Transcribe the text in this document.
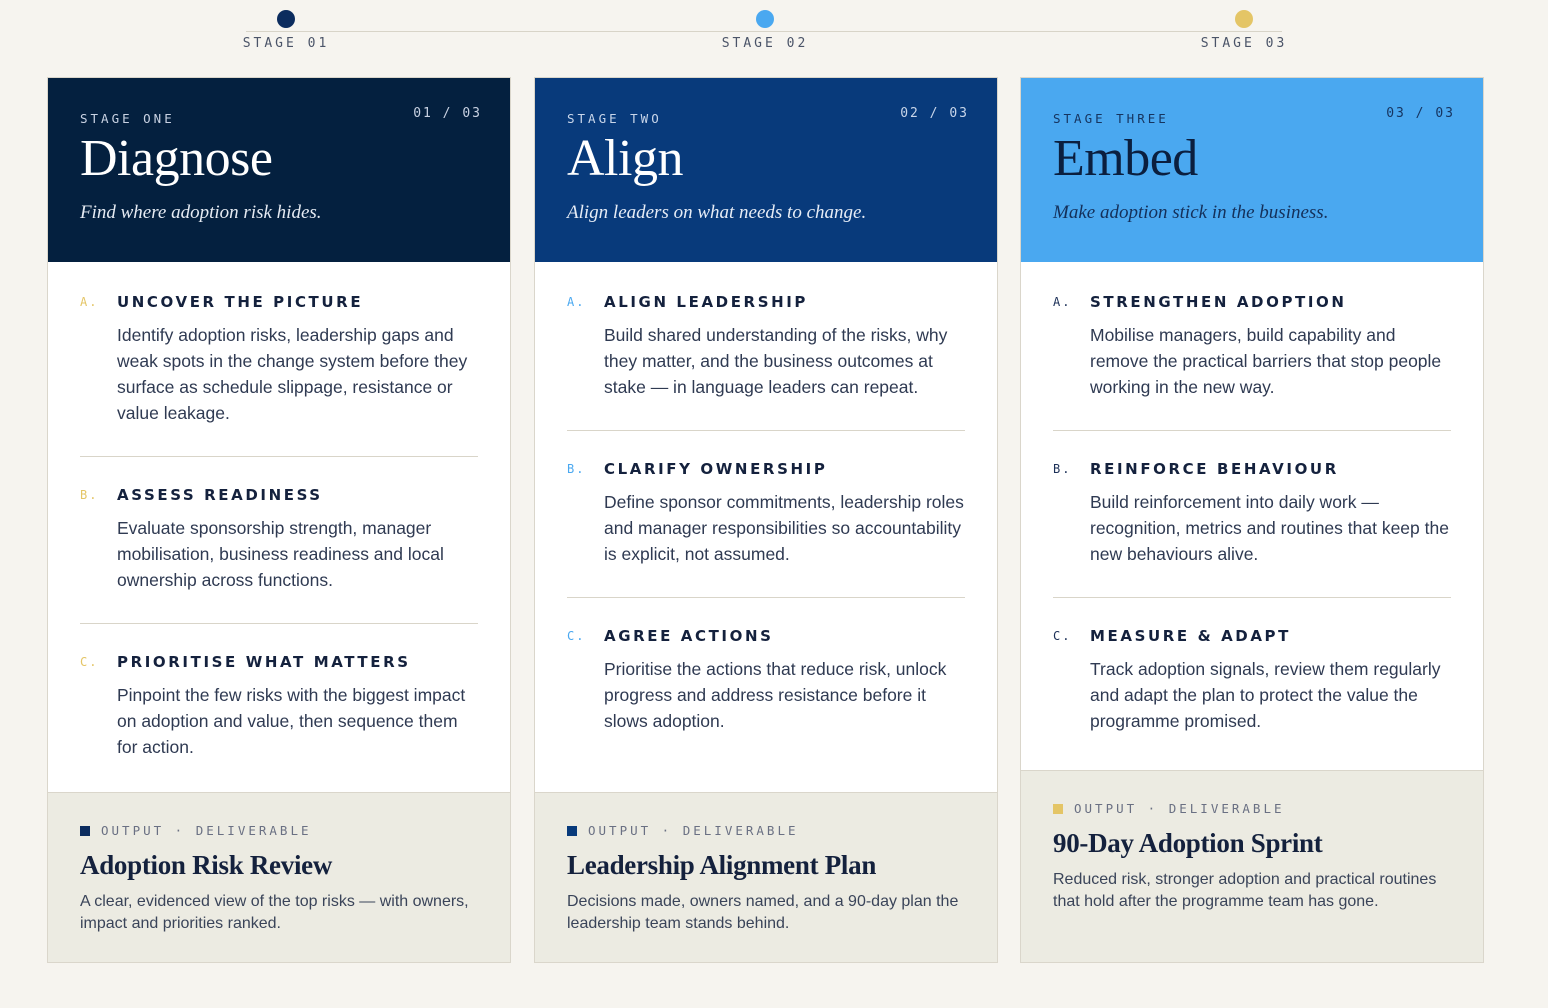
STAGE 01	STAGE 02	STAGE 03
STAGE ONE	01 / 03
Diagnose
Find where adoption risk hides.
A.	UNCOVER THE PICTURE
Identify adoption risks, leadership gaps and weak spots in the change system before they surface as schedule slippage, resistance or value leakage.
B.	ASSESS READINESS
Evaluate sponsorship strength, manager mobilisation, business readiness and local ownership across functions.
C.	PRIORITISE WHAT MATTERS
Pinpoint the few risks with the biggest impact on adoption and value, then sequence them for action.
OUTPUT · DELIVERABLE
Adoption Risk Review
A clear, evidenced view of the top risks — with owners, impact and priorities ranked.
STAGE TWO	02 / 03
Align
Align leaders on what needs to change.
A.	ALIGN LEADERSHIP
Build shared understanding of the risks, why they matter, and the business outcomes at stake — in language leaders can repeat.
B.	CLARIFY OWNERSHIP
Define sponsor commitments, leadership roles and manager responsibilities so accountability is explicit, not assumed.
C.	AGREE ACTIONS
Prioritise the actions that reduce risk, unlock progress and address resistance before it slows adoption.
OUTPUT · DELIVERABLE
Leadership Alignment Plan
Decisions made, owners named, and a 90-day plan the leadership team stands behind.
STAGE THREE	03 / 03
Embed
Make adoption stick in the business.
A.	STRENGTHEN ADOPTION
Mobilise managers, build capability and remove the practical barriers that stop people working in the new way.
B.	REINFORCE BEHAVIOUR
Build reinforcement into daily work — recognition, metrics and routines that keep the new behaviours alive.
C.	MEASURE & ADAPT
Track adoption signals, review them regularly and adapt the plan to protect the value the programme promised.
OUTPUT · DELIVERABLE
90-Day Adoption Sprint
Reduced risk, stronger adoption and practical routines that hold after the programme team has gone.
